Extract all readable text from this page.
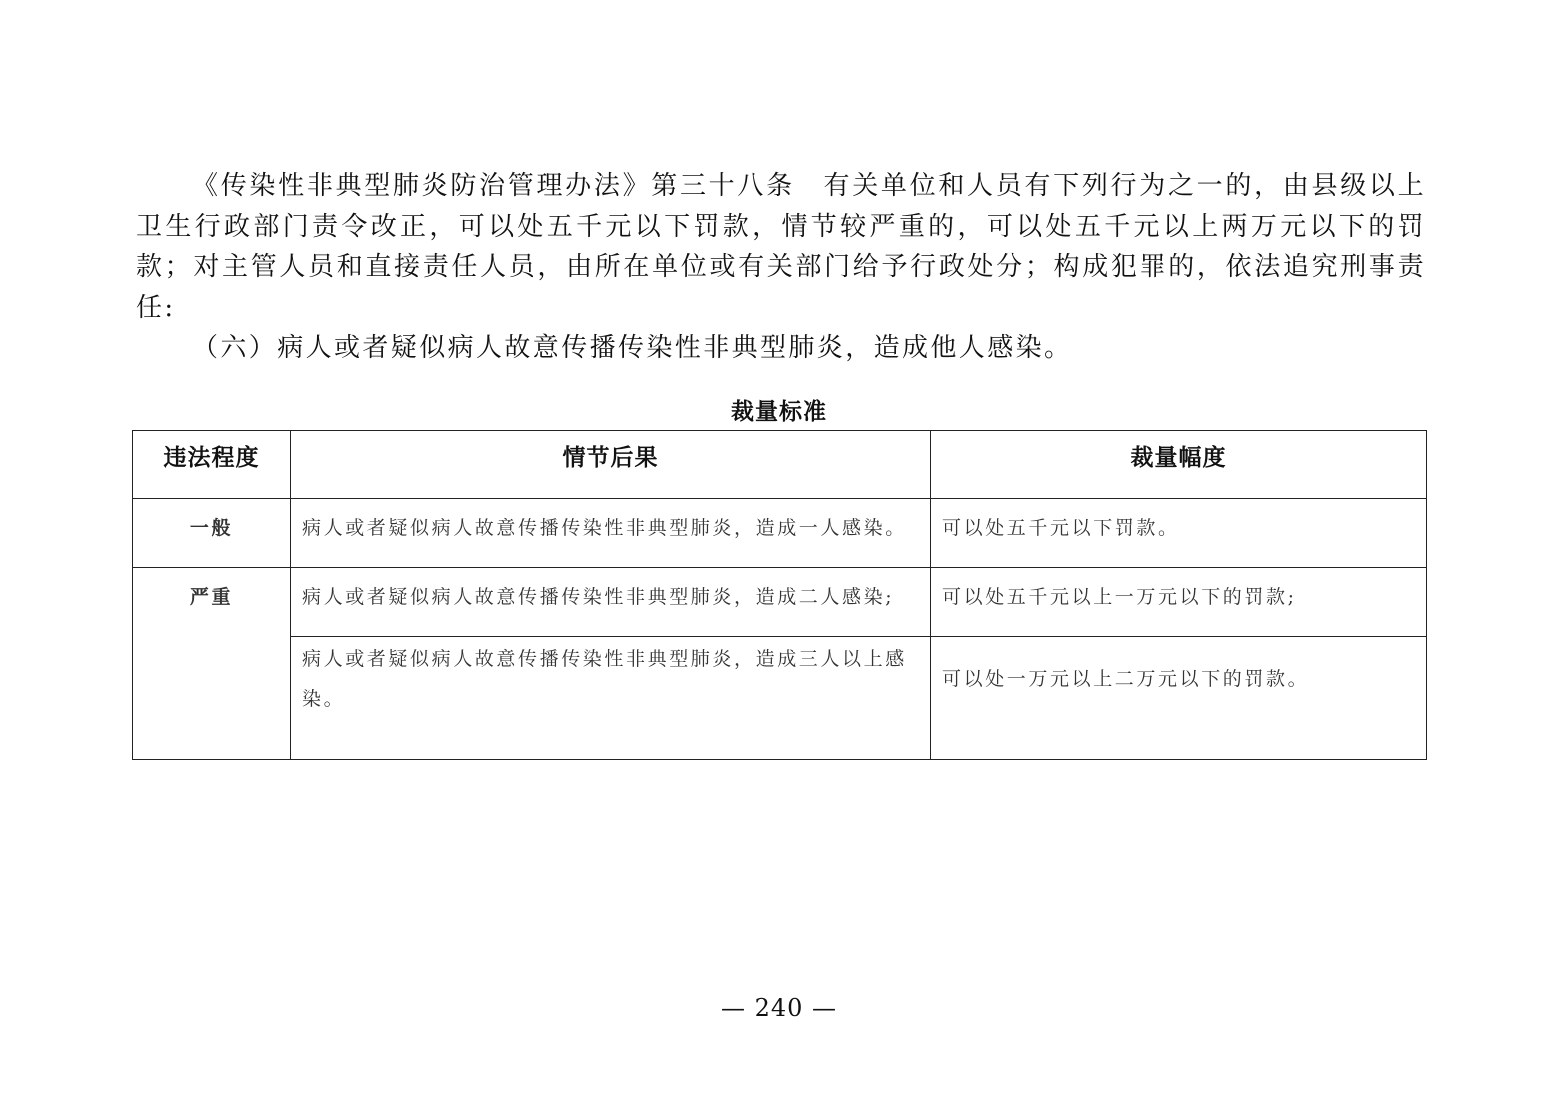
《传染性非典型肺炎防治管理办法》第三十八条　有关单位和人员有下列行为之一的，由县级以上卫生行政部门责令改正，可以处五千元以下罚款，情节较严重的，可以处五千元以上两万元以下的罚款；对主管人员和直接责任人员，由所在单位或有关部门给予行政处分；构成犯罪的，依法追究刑事责任:

（六）病人或者疑似病人故意传播传染性非典型肺炎，造成他人感染。

裁量标准
违法程度	情节后果	裁量幅度
一般	病人或者疑似病人故意传播传染性非典型肺炎，造成一人感染。	可以处五千元以下罚款。
严重	病人或者疑似病人故意传播传染性非典型肺炎，造成二人感染;	可以处五千元以上一万元以下的罚款;
	病人或者疑似病人故意传播传染性非典型肺炎，造成三人以上感染。	可以处一万元以上二万元以下的罚款。
— 240 —
